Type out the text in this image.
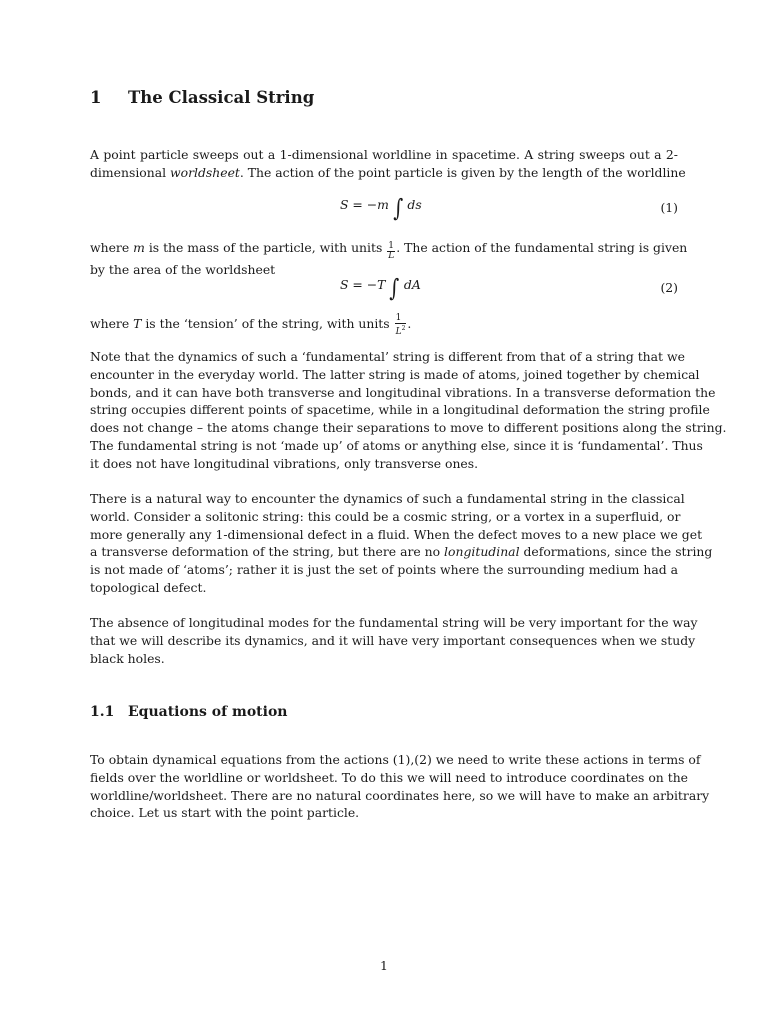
1 The Classical String

A point particle sweeps out a 1-dimensional worldline in spacetime. A string sweeps out a 2-
dimensional worldsheet. The action of the point particle is given by the length of the worldline

S = −m ∫ ds	(1)

where m is the mass of the particle, with units $\frac{1}{L}$ . The action of the fundamental string is given
by the area of the worldsheet

S = −T ∫ dA	(2)

where T is the ‘tension’ of the string, with units $\frac{1}{L^2}$ .

Note that the dynamics of such a ‘fundamental’ string is different from that of a string that we
encounter in the everyday world. The latter string is made of atoms, joined together by chemical
bonds, and it can have both transverse and longitudinal vibrations. In a transverse deformation the
string occupies different points of spacetime, while in a longitudinal deformation the string profile
does not change – the atoms change their separations to move to different positions along the string.
The fundamental string is not ‘made up’ of atoms or anything else, since it is ‘fundamental’. Thus
it does not have longitudinal vibrations, only transverse ones.

There is a natural way to encounter the dynamics of such a fundamental string in the classical
world. Consider a solitonic string: this could be a cosmic string, or a vortex in a superfluid, or
more generally any 1-dimensional defect in a fluid. When the defect moves to a new place we get
a transverse deformation of the string, but there are no longitudinal deformations, since the string
is not made of ‘atoms’; rather it is just the set of points where the surrounding medium had a
topological defect.

The absence of longitudinal modes for the fundamental string will be very important for the way
that we will describe its dynamics, and it will have very important consequences when we study
black holes.

1.1 Equations of motion

To obtain dynamical equations from the actions (1),(2) we need to write these actions in terms of
fields over the worldline or worldsheet. To do this we will need to introduce coordinates on the
worldline/worldsheet. There are no natural coordinates here, so we will have to make an arbitrary
choice. Let us start with the point particle.

1
